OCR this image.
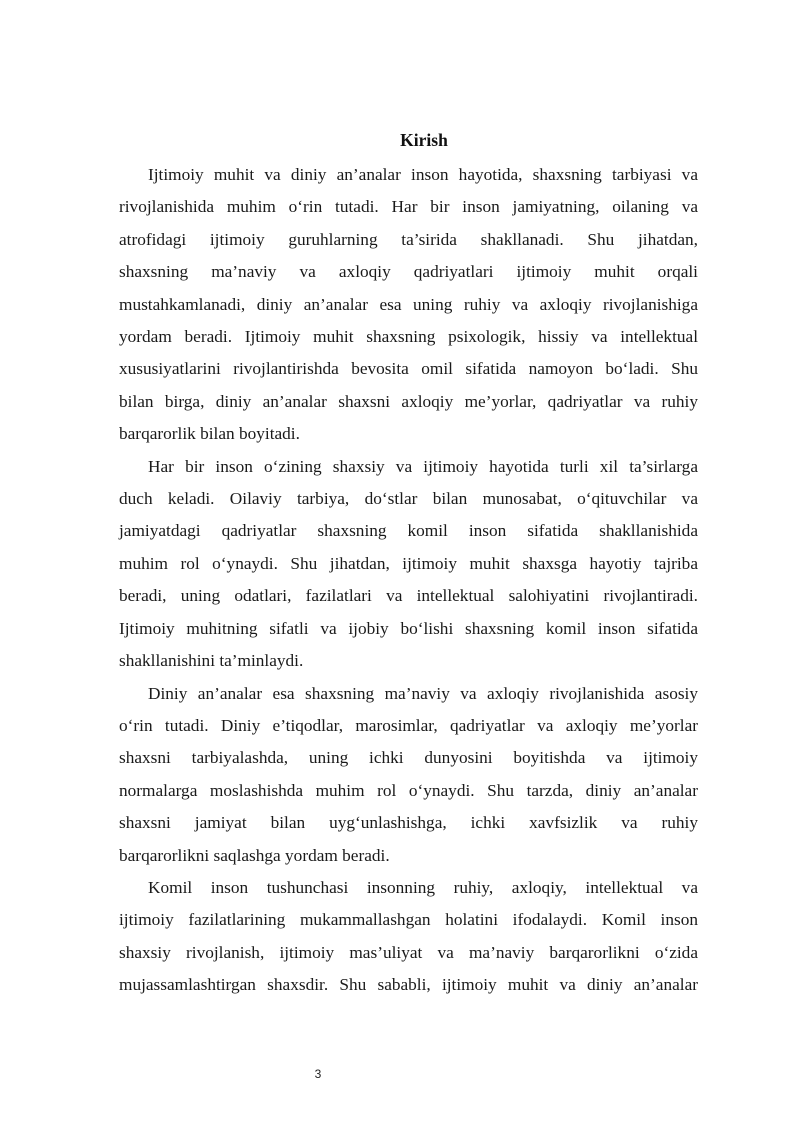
Kirish
Ijtimoiy muhit va diniy an’analar inson hayotida, shaxsning tarbiyasi va
rivojlanishida muhim o‘rin tutadi. Har bir inson jamiyatning, oilaning va
atrofidagi ijtimoiy guruhlarning ta’sirida shakllanadi. Shu jihatdan,
shaxsning ma’naviy va axloqiy qadriyatlari ijtimoiy muhit orqali
mustahkamlanadi, diniy an’analar esa uning ruhiy va axloqiy rivojlanishiga
yordam beradi. Ijtimoiy muhit shaxsning psixologik, hissiy va intellektual
xususiyatlarini rivojlantirishda bevosita omil sifatida namoyon bo‘ladi. Shu
bilan birga, diniy an’analar shaxsni axloqiy me’yorlar, qadriyatlar va ruhiy
barqarorlik bilan boyitadi.
Har bir inson o‘zining shaxsiy va ijtimoiy hayotida turli xil ta’sirlarga
duch keladi. Oilaviy tarbiya, do‘stlar bilan munosabat, o‘qituvchilar va
jamiyatdagi qadriyatlar shaxsning komil inson sifatida shakllanishida
muhim rol o‘ynaydi. Shu jihatdan, ijtimoiy muhit shaxsga hayotiy tajriba
beradi, uning odatlari, fazilatlari va intellektual salohiyatini rivojlantiradi.
Ijtimoiy muhitning sifatli va ijobiy bo‘lishi shaxsning komil inson sifatida
shakllanishini ta’minlaydi.
Diniy an’analar esa shaxsning ma’naviy va axloqiy rivojlanishida asosiy
o‘rin tutadi. Diniy e’tiqodlar, marosimlar, qadriyatlar va axloqiy me’yorlar
shaxsni tarbiyalashda, uning ichki dunyosini boyitishda va ijtimoiy
normalarga moslashishda muhim rol o‘ynaydi. Shu tarzda, diniy an’analar
shaxsni jamiyat bilan uyg‘unlashishga, ichki xavfsizlik va ruhiy
barqarorlikni saqlashga yordam beradi.
Komil inson tushunchasi insonning ruhiy, axloqiy, intellektual va
ijtimoiy fazilatlarining mukammallashgan holatini ifodalaydi. Komil inson
shaxsiy rivojlanish, ijtimoiy mas’uliyat va ma’naviy barqarorlikni o‘zida
mujassamlashtirgan shaxsdir. Shu sababli, ijtimoiy muhit va diniy an’analar
3
